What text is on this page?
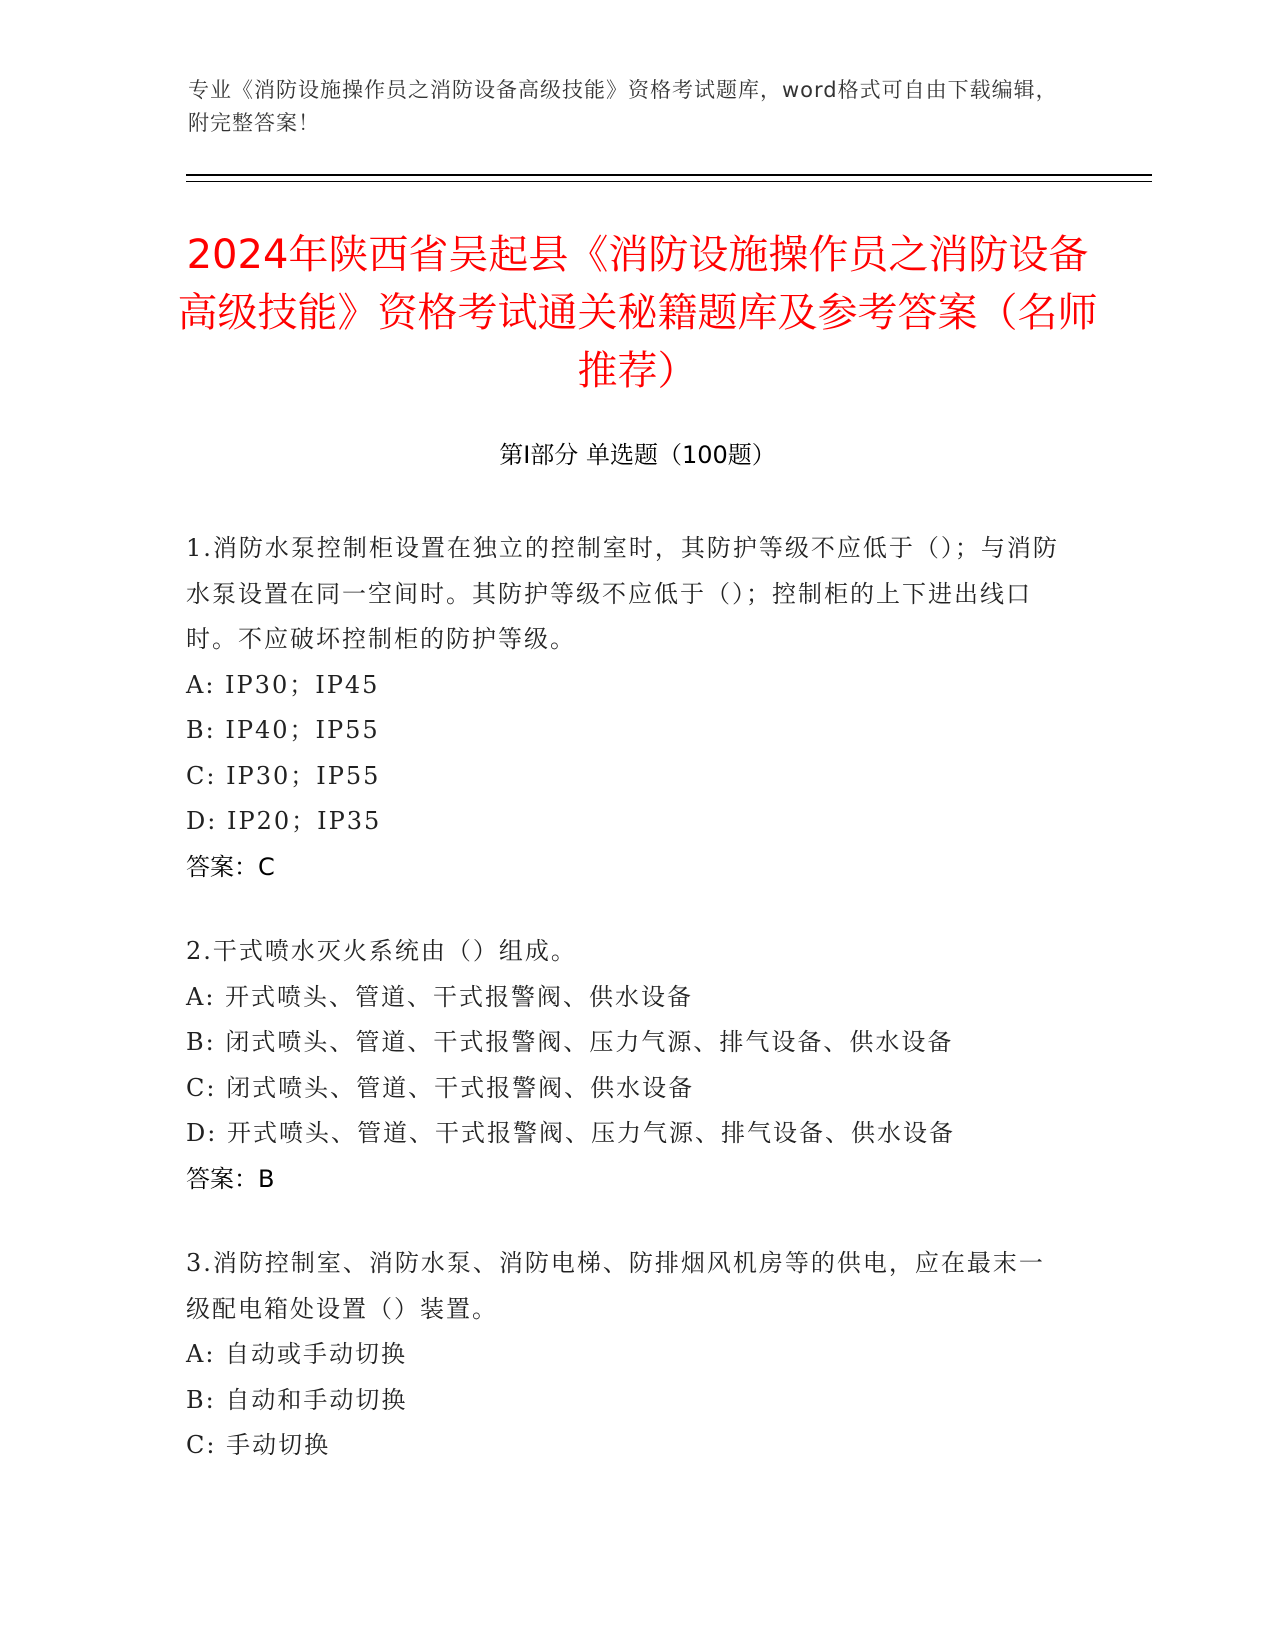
专业《消防设施操作员之消防设备高级技能》资格考试题库，word格式可自由下载编辑，附完整答案！
2024年陕西省吴起县《消防设施操作员之消防设备高级技能》资格考试通关秘籍题库及参考答案（名师推荐）
第I部分 单选题（100题）
1.消防水泵控制柜设置在独立的控制室时，其防护等级不应低于（）；与消防水泵设置在同一空间时。其防护等级不应低于（）；控制柜的上下进出线口时。不应破坏控制柜的防护等级。
A: IP30；IP45
B: IP40；IP55
C: IP30；IP55
D: IP20；IP35
答案：C
2.干式喷水灭火系统由（）组成。
A: 开式喷头、管道、干式报警阀、供水设备
B: 闭式喷头、管道、干式报警阀、压力气源、排气设备、供水设备
C: 闭式喷头、管道、干式报警阀、供水设备
D: 开式喷头、管道、干式报警阀、压力气源、排气设备、供水设备
答案：B
3.消防控制室、消防水泵、消防电梯、防排烟风机房等的供电，应在最末一级配电箱处设置（）装置。
A: 自动或手动切换
B: 自动和手动切换
C: 手动切换
